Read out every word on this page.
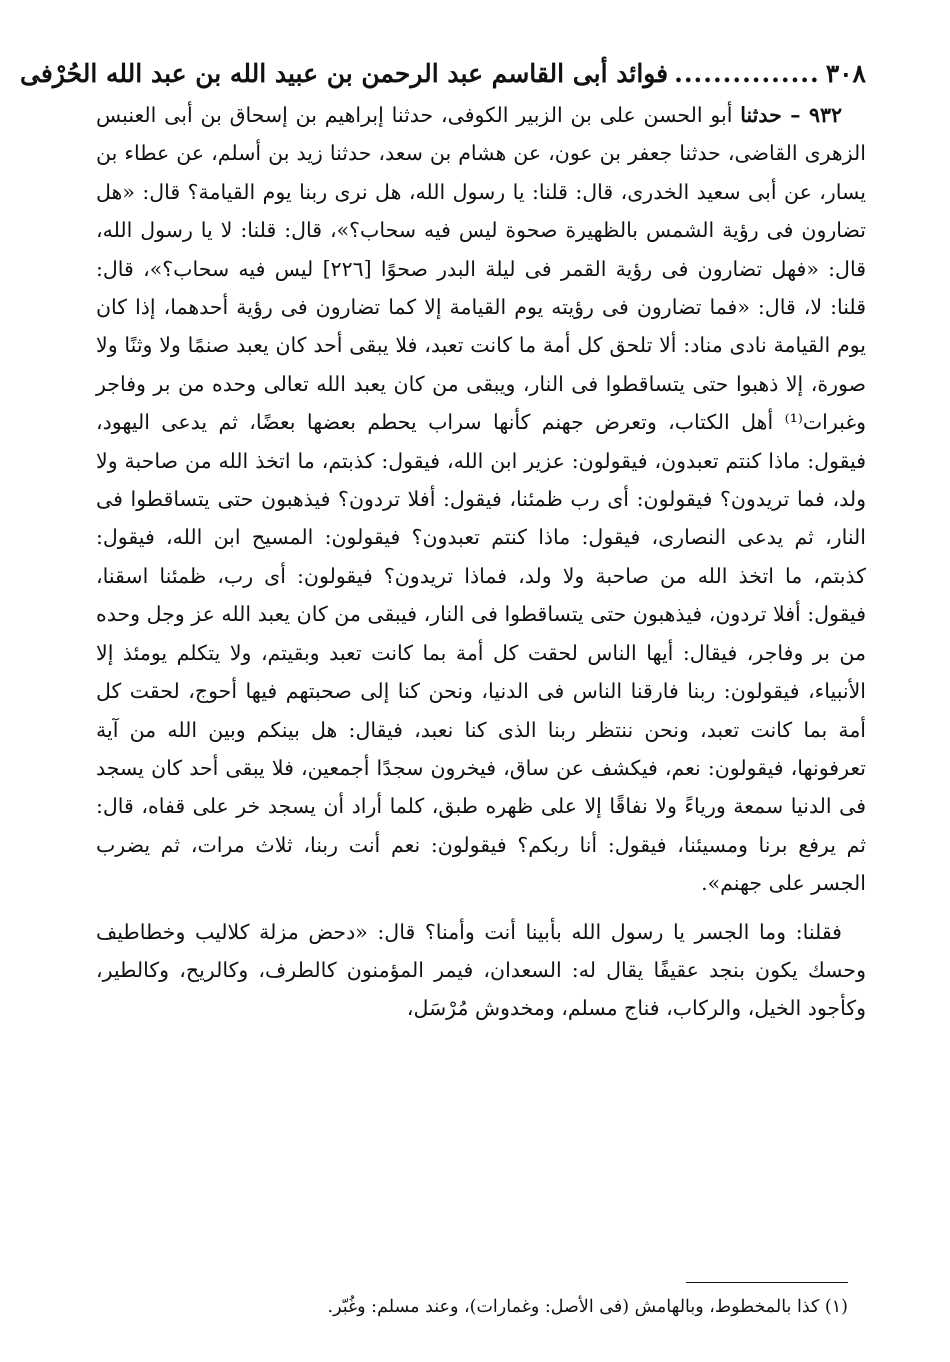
٣٠٨
...............
فوائد أبى القاسم عبد الرحمن بن عبيد الله بن عبد الله الحُرْفى

٩٣٢ – حدثنا أبو الحسن على بن الزبير الكوفى، حدثنا إبراهيم بن إسحاق بن أبى العنبس الزهرى القاضى، حدثنا جعفر بن عون، عن هشام بن سعد، حدثنا زيد بن أسلم، عن عطاء بن يسار، عن أبى سعيد الخدرى، قال: قلنا: يا رسول الله، هل نرى ربنا يوم القيامة؟ قال: «هل تضارون فى رؤية الشمس بالظهيرة صحوة ليس فيه سحاب؟»، قال: قلنا: لا يا رسول الله، قال: «فهل تضارون فى رؤية القمر فى ليلة البدر صحوًا [٢٢٦] ليس فيه سحاب؟»، قال: قلنا: لا، قال: «فما تضارون فى رؤيته يوم القيامة إلا كما تضارون فى رؤية أحدهما، إذا كان يوم القيامة نادى مناد: ألا تلحق كل أمة ما كانت تعبد، فلا يبقى أحد كان يعبد صنمًا ولا وثنًا ولا صورة، إلا ذهبوا حتى يتساقطوا فى النار، ويبقى من كان يعبد الله تعالى وحده من بر وفاجر وغبرات⁽¹⁾ أهل الكتاب، وتعرض جهنم كأنها سراب يحطم بعضها بعضًا، ثم يدعى اليهود، فيقول: ماذا كنتم تعبدون، فيقولون: عزير ابن الله، فيقول: كذبتم، ما اتخذ الله من صاحبة ولا ولد، فما تريدون؟ فيقولون: أى رب ظمئنا، فيقول: أفلا تردون؟ فيذهبون حتى يتساقطوا فى النار، ثم يدعى النصارى، فيقول: ماذا كنتم تعبدون؟ فيقولون: المسيح ابن الله، فيقول: كذبتم، ما اتخذ الله من صاحبة ولا ولد، فماذا تريدون؟ فيقولون: أى رب، ظمئنا اسقنا، فيقول: أفلا تردون، فيذهبون حتى يتساقطوا فى النار، فيبقى من كان يعبد الله عز وجل وحده من بر وفاجر، فيقال: أيها الناس لحقت كل أمة بما كانت تعبد وبقيتم، ولا يتكلم يومئذ إلا الأنبياء، فيقولون: ربنا فارقنا الناس فى الدنيا، ونحن كنا إلى صحبتهم فيها أحوج، لحقت كل أمة بما كانت تعبد، ونحن ننتظر ربنا الذى كنا نعبد، فيقال: هل بينكم وبين الله من آية تعرفونها، فيقولون: نعم، فيكشف عن ساق، فيخرون سجدًا أجمعين، فلا يبقى أحد كان يسجد فى الدنيا سمعة ورياءً ولا نفاقًا إلا على ظهره طبق، كلما أراد أن يسجد خر على قفاه، قال: ثم يرفع برنا ومسيئنا، فيقول: أنا ربكم؟ فيقولون: نعم أنت ربنا، ثلاث مرات، ثم يضرب الجسر على جهنم».

فقلنا: وما الجسر يا رسول الله بأبينا أنت وأمنا؟ قال: «دحض مزلة كلاليب وخطاطيف وحسك يكون بنجد عقيفًا يقال له: السعدان، فيمر المؤمنون كالطرف، وكالريح، وكالطير، وكأجود الخيل، والركاب، فناج مسلم، ومخدوش مُرْسَل،

(١) كذا بالمخطوط، وبالهامش (فى الأصل: وغمارات)، وعند مسلم: وغُبّر.
